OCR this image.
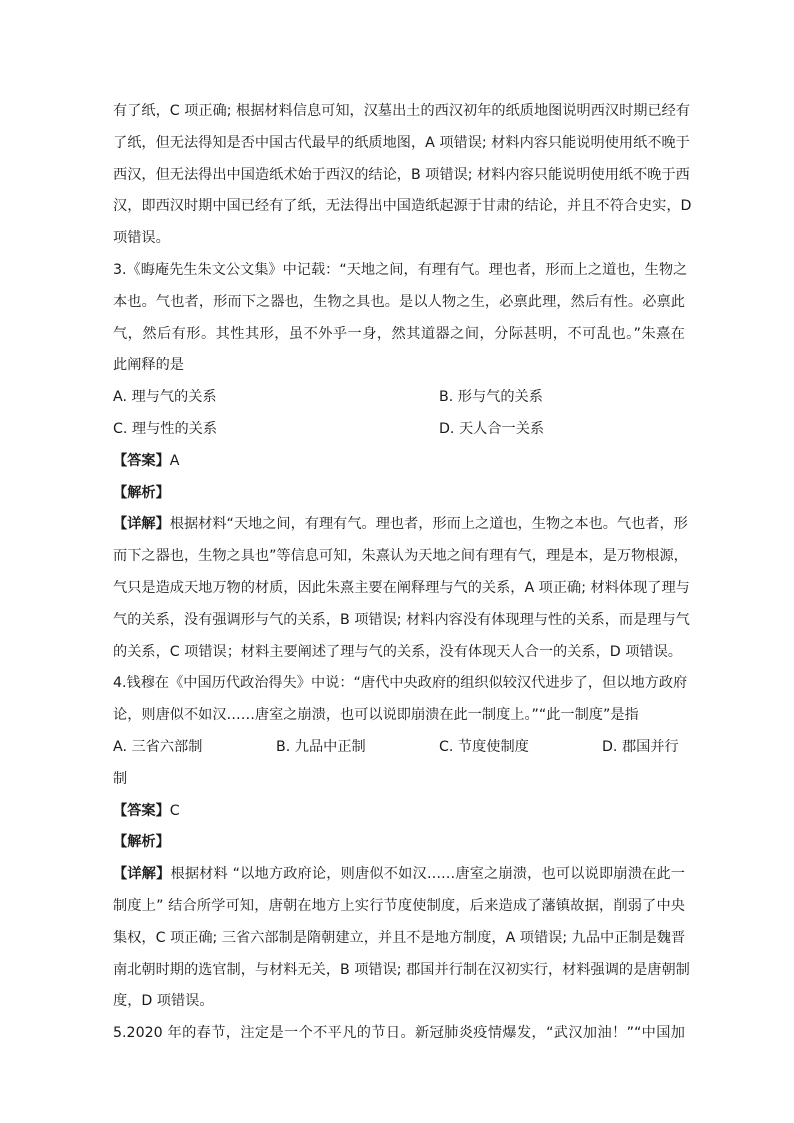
有了纸，C 项正确; 根据材料信息可知，汉墓出土的西汉初年的纸质地图说明西汉时期已经有
了纸，但无法得知是否中国古代最早的纸质地图，A 项错误; 材料内容只能说明使用纸不晚于
西汉，但无法得出中国造纸术始于西汉的结论，B 项错误; 材料内容只能说明使用纸不晚于西
汉，即西汉时期中国已经有了纸，无法得出中国造纸起源于甘肃的结论，并且不符合史实，D
项错误。
3.《晦庵先生朱文公文集》中记载：“天地之间，有理有气。理也者，形而上之道也，生物之
本也。气也者，形而下之器也，生物之具也。是以人物之生，必禀此理，然后有性。必禀此
气，然后有形。其性其形，虽不外乎一身，然其道器之间，分际甚明，不可乱也。”朱熹在
此阐释的是
A. 理与气的关系	B. 形与气的关系
C. 理与性的关系	D. 天人合一关系
【答案】A
【解析】
【详解】根据材料“天地之间，有理有气。理也者，形而上之道也，生物之本也。气也者，形
而下之器也，生物之具也”等信息可知，朱熹认为天地之间有理有气，理是本，是万物根源，
气只是造成天地万物的材质，因此朱熹主要在阐释理与气的关系，A 项正确; 材料体现了理与
气的关系，没有强调形与气的关系，B 项错误; 材料内容没有体现理与性的关系，而是理与气
的关系，C 项错误；材料主要阐述了理与气的关系，没有体现天人合一的关系，D 项错误。
4.钱穆在《中国历代政治得失》中说：“唐代中央政府的组织似较汉代进步了，但以地方政府
论，则唐似不如汉……唐室之崩溃，也可以说即崩溃在此一制度上。”“此一制度”是指
A. 三省六部制	B. 九品中正制	C. 节度使制度	D. 郡国并行
制
【答案】C
【解析】
【详解】根据材料 “以地方政府论，则唐似不如汉……唐室之崩溃，也可以说即崩溃在此一
制度上” 结合所学可知，唐朝在地方上实行节度使制度，后来造成了藩镇故据，削弱了中央
集权，C 项正确; 三省六部制是隋朝建立，并且不是地方制度，A 项错误; 九品中正制是魏晋
南北朝时期的选官制，与材料无关，B 项错误; 郡国并行制在汉初实行，材料强调的是唐朝制
度，D 项错误。
5.2020 年的春节，注定是一个不平凡的节日。新冠肺炎疫情爆发，“武汉加油！”“中国加
